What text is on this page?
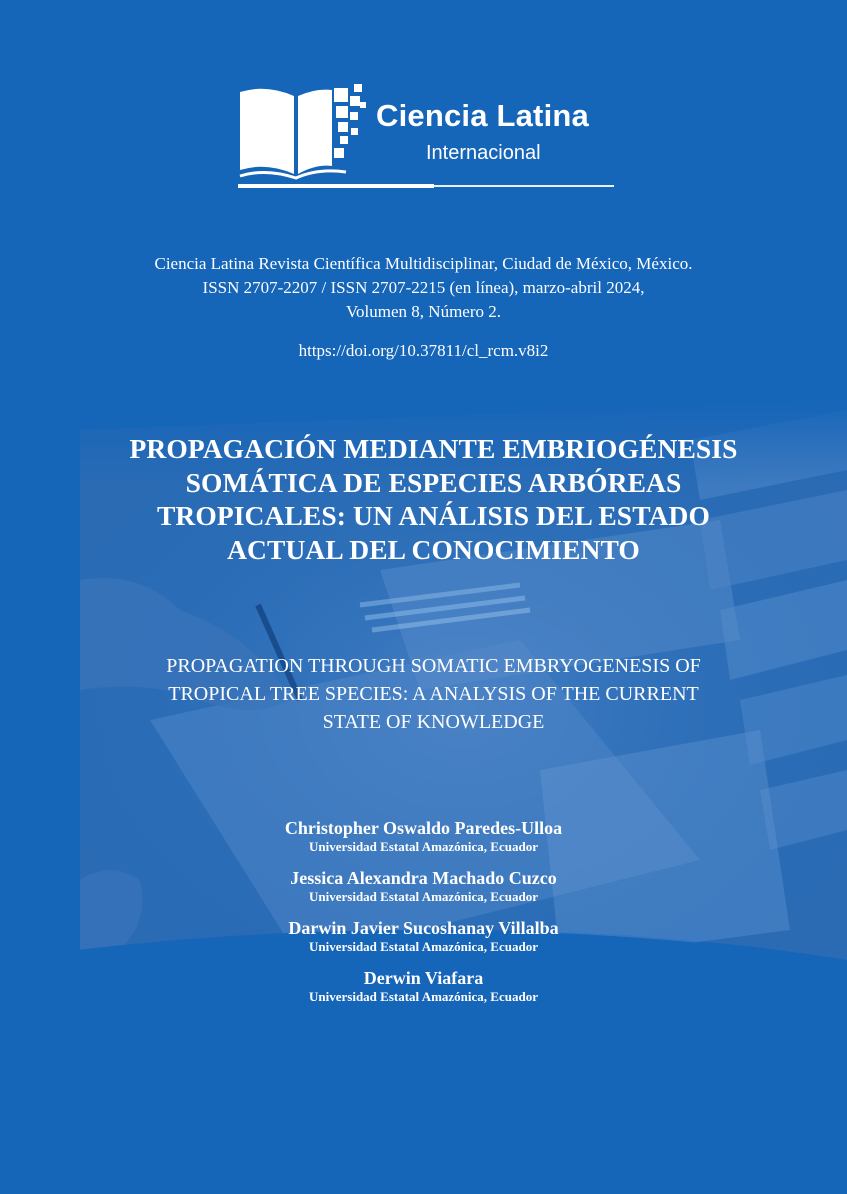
Ciencia Latina
Internacional
Ciencia Latina Revista Científica Multidisciplinar, Ciudad de México, México.
ISSN 2707-2207 / ISSN 2707-2215 (en línea), marzo-abril 2024,
Volumen 8, Número 2.
https://doi.org/10.37811/cl_rcm.v8i2
PROPAGACIÓN MEDIANTE EMBRIOGÉNESIS
SOMÁTICA DE ESPECIES ARBÓREAS
TROPICALES: UN ANÁLISIS DEL ESTADO
ACTUAL DEL CONOCIMIENTO
PROPAGATION THROUGH SOMATIC EMBRYOGENESIS OF
TROPICAL TREE SPECIES: A ANALYSIS OF THE CURRENT
STATE OF KNOWLEDGE
Christopher Oswaldo Paredes-Ulloa
Universidad Estatal Amazónica, Ecuador
Jessica Alexandra Machado Cuzco
Universidad Estatal Amazónica, Ecuador
Darwin Javier Sucoshanay Villalba
Universidad Estatal Amazónica, Ecuador
Derwin Viafara
Universidad Estatal Amazónica, Ecuador
